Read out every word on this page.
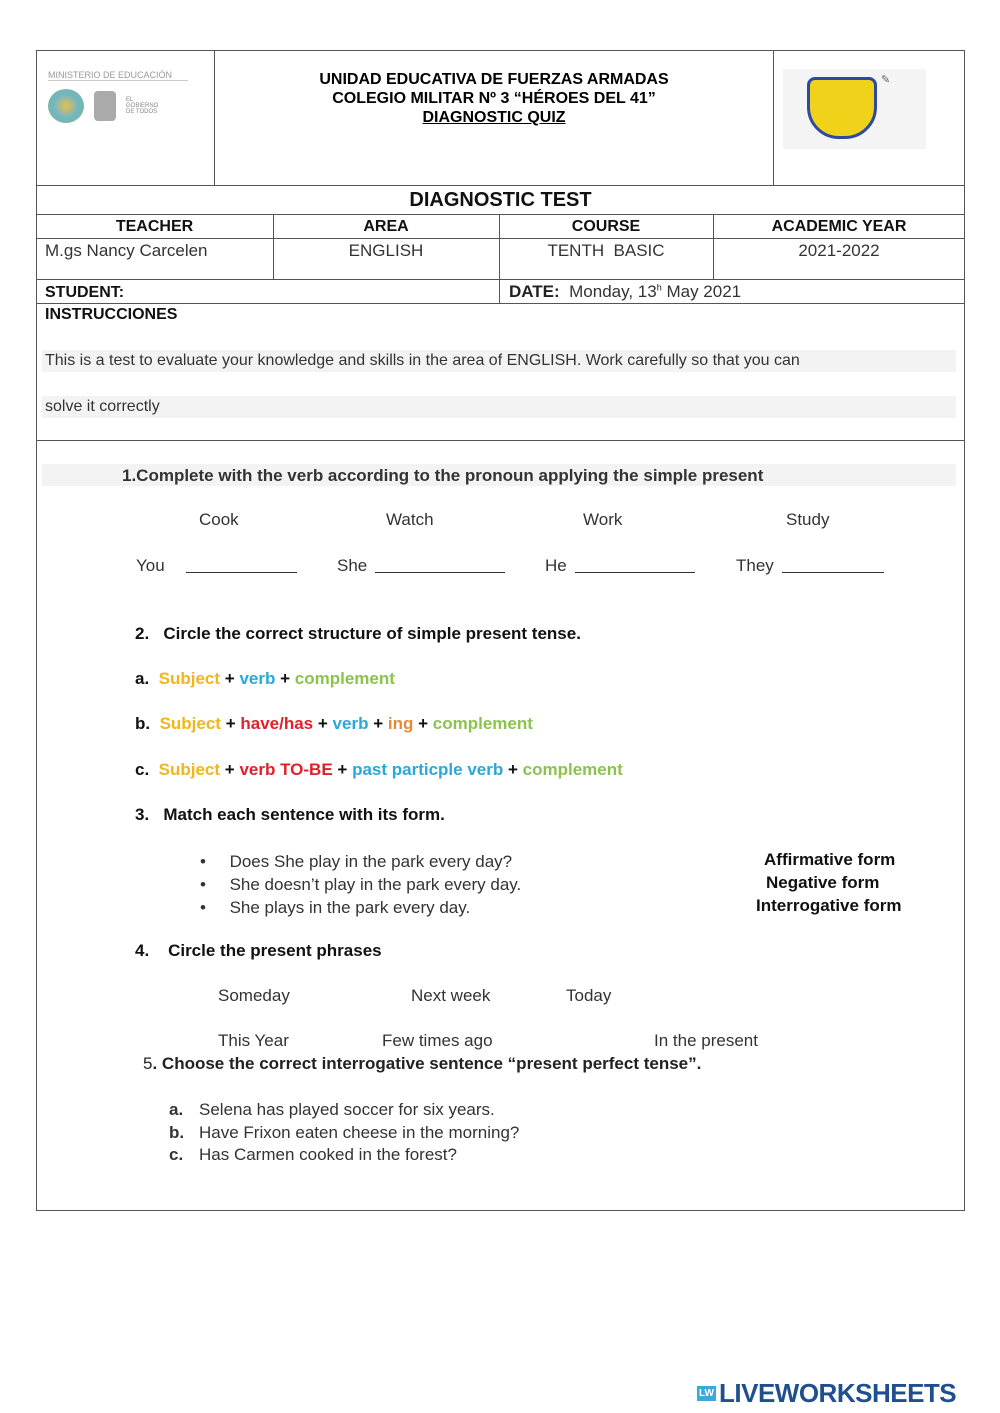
MINISTERIO DE EDUCACIÓN
EL GOBIERNO DE TODOS
UNIDAD EDUCATIVA DE FUERZAS ARMADAS
COLEGIO MILITAR Nº 3 “HÉROES DEL 41”
DIAGNOSTIC QUIZ
✎
DIAGNOSTIC TEST
TEACHER	AREA	COURSE	ACADEMIC YEAR
M.gs Nancy Carcelen	ENGLISH	TENTH  BASIC	2021-2022
STUDENT:	DATE: Monday, 13$^h$ May 2021
INSTRUCCIONES
This is a test to evaluate your knowledge and skills in the area of ENGLISH. Work carefully so that you can
solve it correctly
1.Complete with the verb according to the pronoun applying the simple present
Cook	Watch	Work	Study
You	She	He	They
2.   Circle the correct structure of simple present tense.
a. Subject + verb + complement
b. Subject + have/has + verb + ing + complement
c. Subject + verb TO-BE + past particple verb + complement
3.   Match each sentence with its form.
•     Does She play in the park every day?
•     She doesn’t play in the park every day.
•     She plays in the park every day.
Affirmative form
Negative form
Interrogative form
4.    Circle the present phrases
Someday	Next week	Today
This Year	Few times ago	In the present
5. Choose the correct interrogative sentence “present perfect tense”.
a. Selena has played soccer for six years.
b. Have Frixon eaten cheese in the morning?
c. Has Carmen cooked in the forest?
LW LIVEWORKSHEETS
